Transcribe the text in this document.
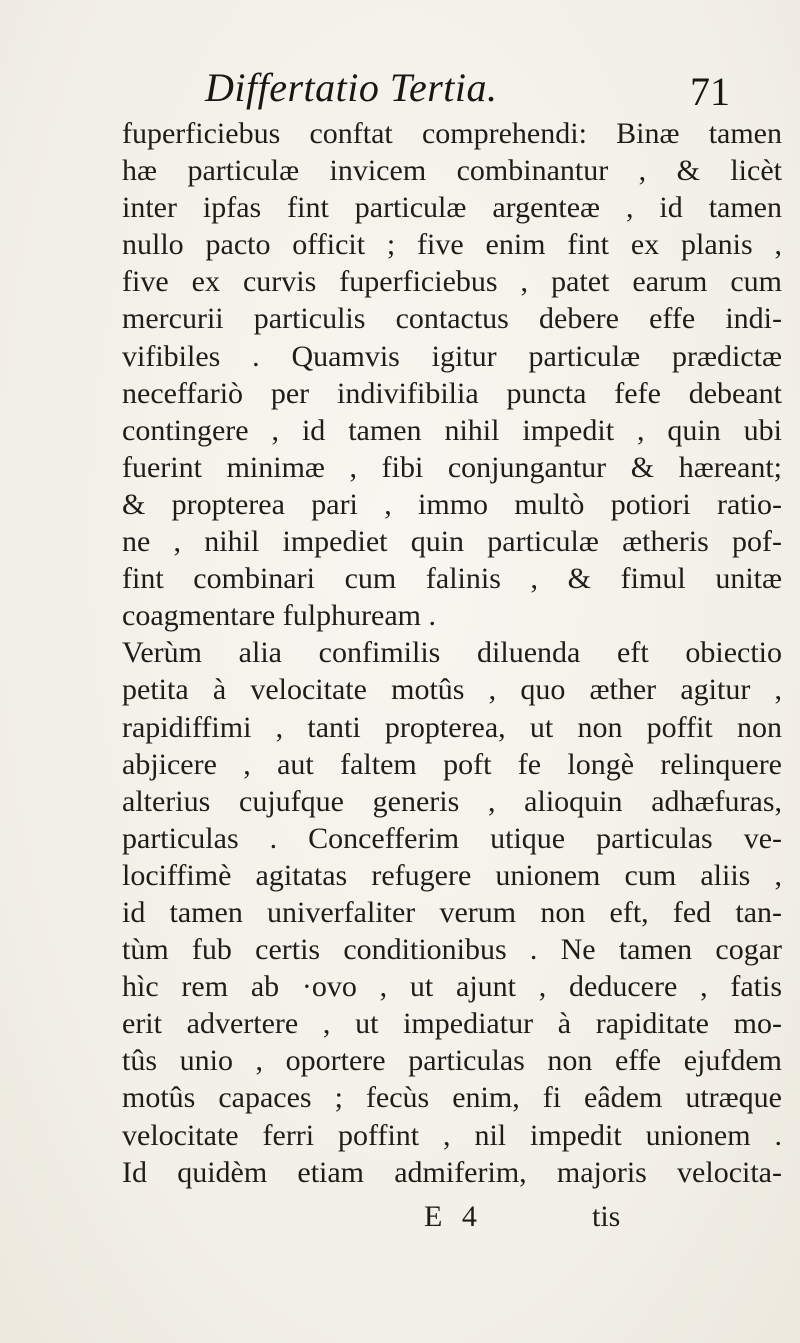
Differtatio Tertia.	71
fuperficiebus conftat comprehendi: Binæ tamen
hæ particulæ invicem combinantur , & licèt
inter ipfas fint particulæ argenteæ , id tamen
nullo pacto officit ; five enim fint ex planis ,
five ex curvis fuperficiebus , patet earum cum
mercurii particulis contactus debere effe indi-
vifibiles . Quamvis igitur particulæ prædictæ
neceffariò per indivifibilia puncta fefe debeant
contingere , id tamen nihil impedit , quin ubi
fuerint minimæ , fibi conjungantur & hæreant;
& propterea pari , immo multò potiori ratio-
ne , nihil impediet quin particulæ ætheris pof-
fint combinari cum falinis , & fimul unitæ
coagmentare fulphuream .
Verùm alia confimilis diluenda eft obiectio
petita à velocitate motûs , quo æther agitur ,
rapidiffimi , tanti propterea, ut non poffit non
abjicere , aut faltem poft fe longè relinquere
alterius cujufque generis , alioquin adhæfuras,
particulas . Concefferim utique particulas ve-
lociffimè agitatas refugere unionem cum aliis ,
id tamen univerfaliter verum non eft, fed tan-
tùm fub certis conditionibus . Ne tamen cogar
hìc rem ab ·ovo , ut ajunt , deducere , fatis
erit advertere , ut impediatur à rapiditate mo-
tûs unio , oportere particulas non effe ejufdem
motûs capaces ; fecùs enim, fi eâdem utræque
velocitate ferri poffint , nil impedit unionem .
Id quidèm etiam admiferim, majoris velocita-
E 4	tis
